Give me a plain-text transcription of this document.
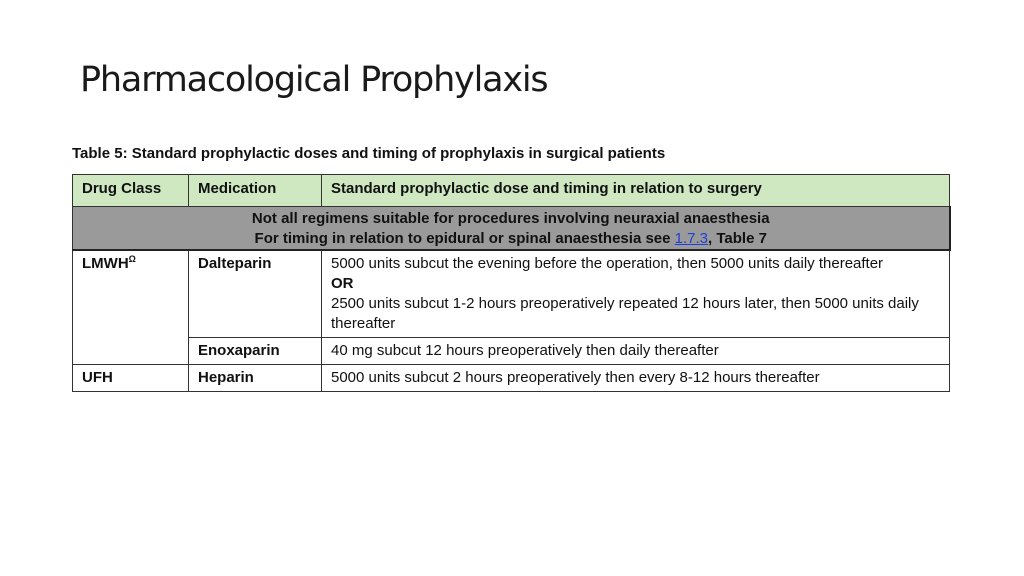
Pharmacological Prophylaxis

Table 5: Standard prophylactic doses and timing of prophylaxis in surgical patients

Drug Class	Medication	Standard prophylactic dose and timing in relation to surgery

Not all regimens suitable for procedures involving neuraxial anaesthesia
For timing in relation to epidural or spinal anaesthesia see 1.7.3, Table 7		

$LMWH^\Omega$	Dalteparin	5000 units subcut the evening before the operation, then 5000 units daily thereafter
OR
2500 units subcut 1-2 hours preoperatively repeated 12 hours later, then 5000 units daily thereafter

	Enoxaparin	40 mg subcut 12 hours preoperatively then daily thereafter
UFH	Heparin	5000 units subcut 2 hours preoperatively then every 8-12 hours thereafter
